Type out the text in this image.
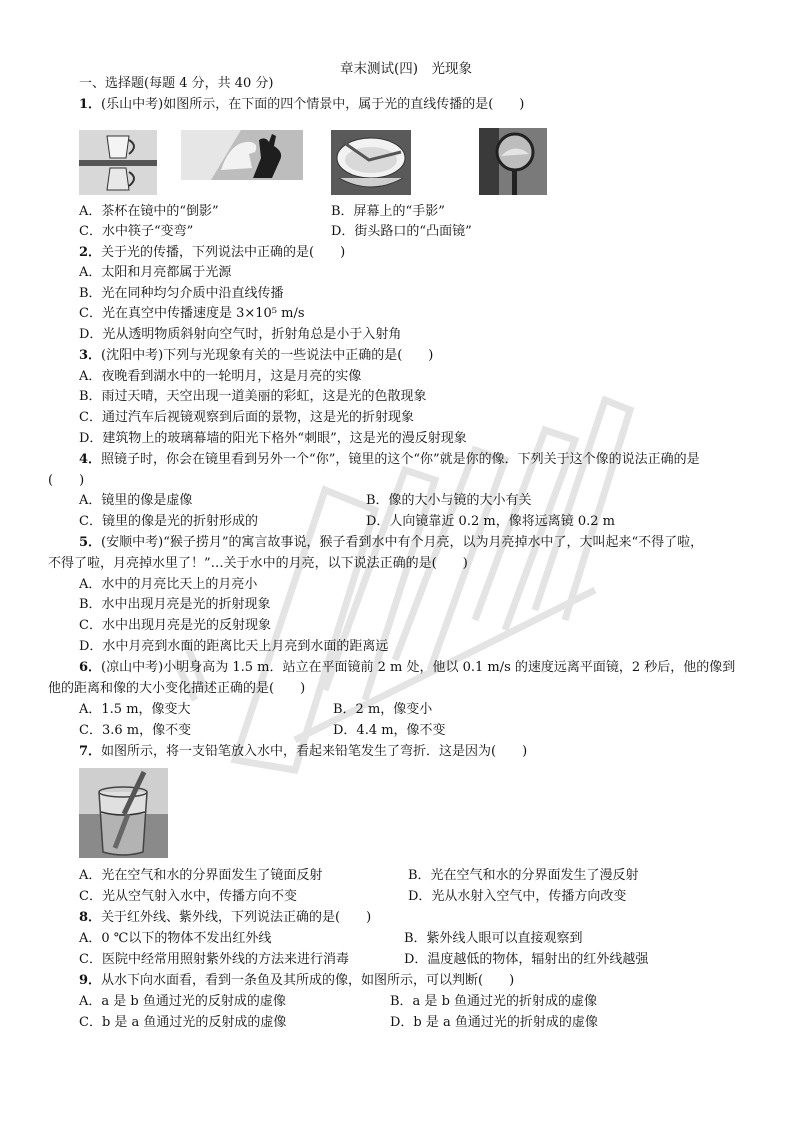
章末测试(四)　光现象
一、选择题(每题 4 分，共 40 分)
1．(乐山中考)如图所示，在下面的四个情景中，属于光的直线传播的是(　　)
A．茶杯在镜中的“倒影”	B．屏幕上的“手影”
C．水中筷子“变弯”	D．街头路口的“凸面镜”
2．关于光的传播，下列说法中正确的是(　　)
A．太阳和月亮都属于光源
B．光在同种均匀介质中沿直线传播
C．光在真空中传播速度是 3×10⁵ m/s
D．光从透明物质斜射向空气时，折射角总是小于入射角
3．(沈阳中考)下列与光现象有关的一些说法中正确的是(　　)
A．夜晚看到湖水中的一轮明月，这是月亮的实像
B．雨过天晴，天空出现一道美丽的彩虹，这是光的色散现象
C．通过汽车后视镜观察到后面的景物，这是光的折射现象
D．建筑物上的玻璃幕墙的阳光下格外“刺眼”，这是光的漫反射现象
4．照镜子时，你会在镜里看到另外一个“你”，镜里的这个“你”就是你的像．下列关于这个像的说法正确的是
(　　)
A．镜里的像是虚像	B．像的大小与镜的大小有关
C．镜里的像是光的折射形成的	D．人向镜靠近 0.2 m，像将远离镜 0.2 m
5．(安顺中考)“猴子捞月”的寓言故事说，猴子看到水中有个月亮，以为月亮掉水中了，大叫起来“不得了啦，
不得了啦，月亮掉水里了！”…关于水中的月亮，以下说法正确的是(　　)
A．水中的月亮比天上的月亮小
B．水中出现月亮是光的折射现象
C．水中出现月亮是光的反射现象
D．水中月亮到水面的距离比天上月亮到水面的距离远
6．(凉山中考)小明身高为 1.5 m．站立在平面镜前 2 m 处，他以 0.1 m/s 的速度远离平面镜，2 秒后，他的像到
他的距离和像的大小变化描述正确的是(　　)
A．1.5 m，像变大	B．2 m，像变小
C．3.6 m，像不变	D．4.4 m，像不变
7．如图所示，将一支铅笔放入水中，看起来铅笔发生了弯折．这是因为(　　)
A．光在空气和水的分界面发生了镜面反射	B．光在空气和水的分界面发生了漫反射
C．光从空气射入水中，传播方向不变	D．光从水射入空气中，传播方向改变
8．关于红外线、紫外线，下列说法正确的是(　　)
A．0 ℃以下的物体不发出红外线	B．紫外线人眼可以直接观察到
C．医院中经常用照射紫外线的方法来进行消毒	D．温度越低的物体，辐射出的红外线越强
9．从水下向水面看，看到一条鱼及其所成的像，如图所示，可以判断(　　)
A．a 是 b 鱼通过光的反射成的虚像	B．a 是 b 鱼通过光的折射成的虚像
C．b 是 a 鱼通过光的反射成的虚像	D．b 是 a 鱼通过光的折射成的虚像
